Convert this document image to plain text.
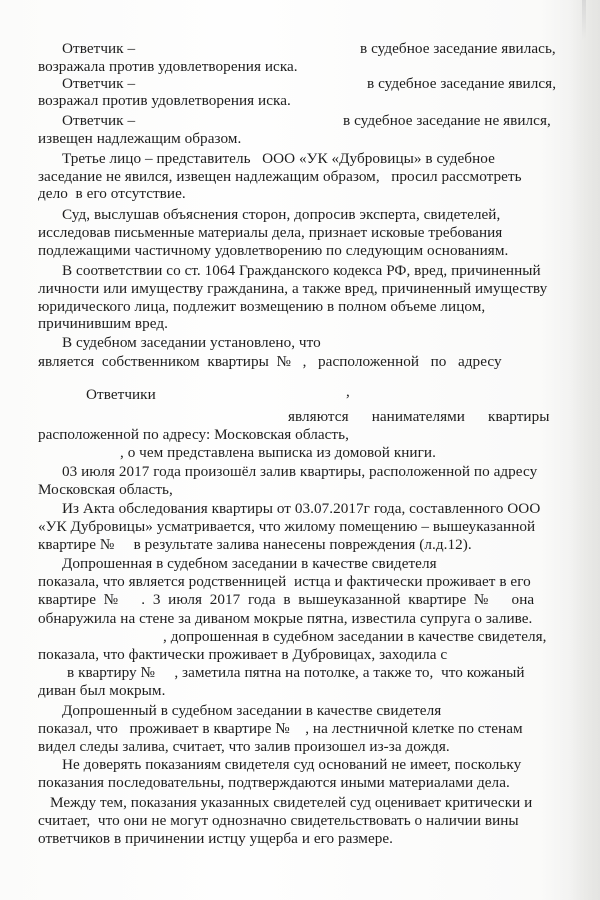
Ответчик –	в судебное заседание явилась,
возражала против удовлетворения иска.
Ответчик –	в судебное заседание явился,
возражал против удовлетворения иска.
Ответчик –	в судебное заседание не явился,
извещен надлежащим образом.
Третье лицо – представитель   ООО «УК «Дубровицы» в судебное
заседание не явился, извещен надлежащим образом,   просил рассмотреть
дело  в его отсутствие.
Суд, выслушав объяснения сторон, допросив эксперта, свидетелей,
исследовав письменные материалы дела, признает исковые требования
подлежащими частичному удовлетворению по следующим основаниям.
В соответствии со ст. 1064 Гражданского кодекса РФ, вред, причиненный
личности или имуществу гражданина, а также вред, причиненный имуществу
юридического лица, подлежит возмещению в полном объеме лицом,
причинившим вред.
В судебном заседании установлено, что
является  собственником  квартиры  №   ,   расположенной   по   адресу
Ответчики	,
являются      нанимателями      квартиры
расположенной по адресу: Московская область,
, о чем представлена выписка из домовой книги.
03 июля 2017 года произошёл залив квартиры, расположенной по адресу
Московская область,
Из Акта обследования квартиры от 03.07.2017г года, составленного ООО
«УК Дубровицы» усматривается, что жилому помещению – вышеуказанной
квартире №     в результате залива нанесены повреждения (л.д.12).
Допрошенная в судебном заседании в качестве свидетеля
показала, что является родственницей  истца и фактически проживает в его
квартире  №      .  3  июля  2017  года  в  вышеуказанной  квартире  №      она
обнаружила на стене за диваном мокрые пятна, известила супруга о заливе.
, допрошенная в судебном заседании в качестве свидетеля,
показала, что фактически проживает в Дубровицах, заходила с
в квартиру №     , заметила пятна на потолке, а также то,  что кожаный
диван был мокрым.
Допрошенный в судебном заседании в качестве свидетеля
показал, что   проживает в квартире №    , на лестничной клетке по стенам
видел следы залива, считает, что залив произошел из-за дождя.
Не доверять показаниям свидетеля суд оснований не имеет, поскольку
показания последовательны, подтверждаются иными материалами дела.
Между тем, показания указанных свидетелей суд оценивает критически и
считает,  что они не могут однозначно свидетельствовать о наличии вины
ответчиков в причинении истцу ущерба и его размере.
